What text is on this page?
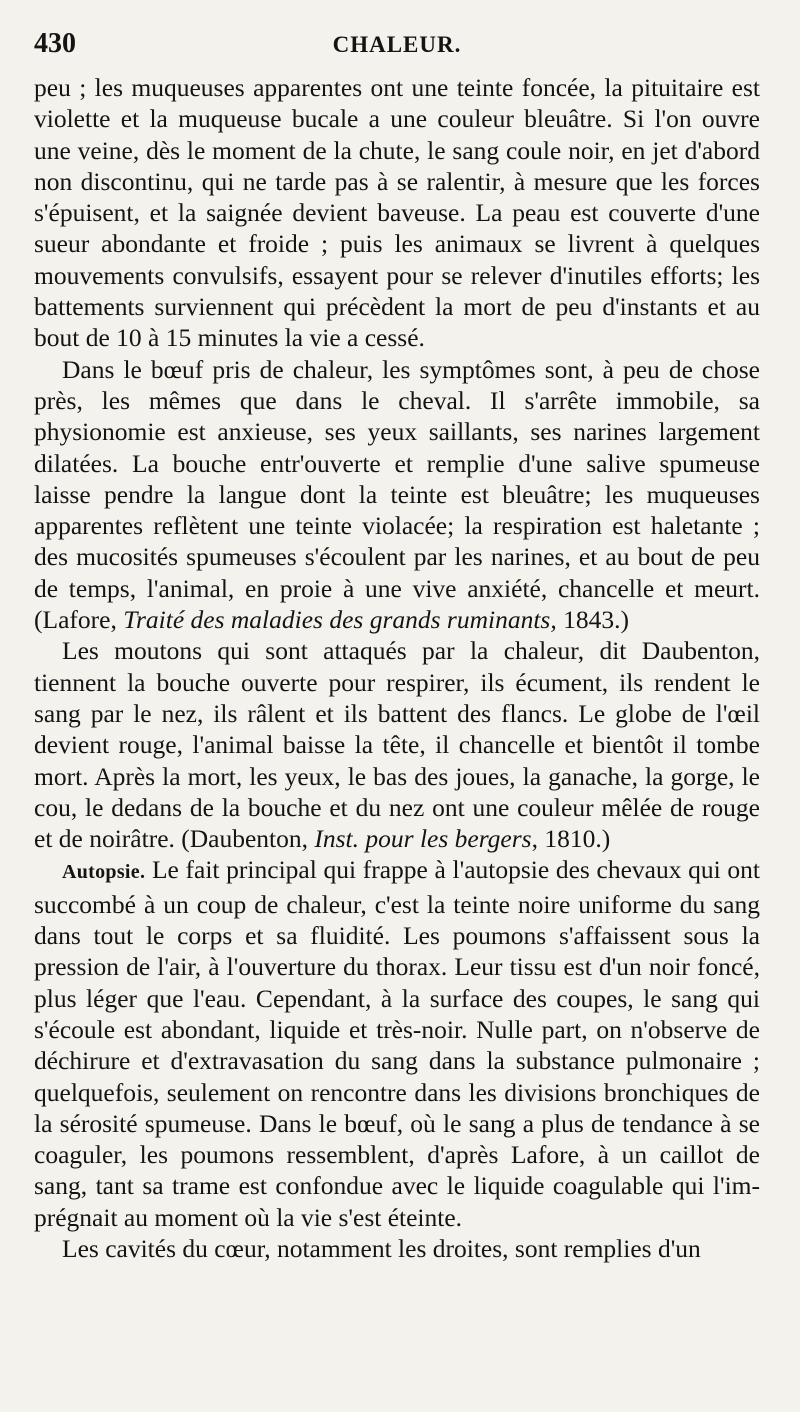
430	CHALEUR.

peu ; les muqueuses apparentes ont une teinte foncée, la pituitaire est violette et la muqueuse bucale a une couleur bleuâtre. Si l'on ouvre une veine, dès le moment de la chute, le sang coule noir, en jet d'abord non discontinu, qui ne tarde pas à se ralentir, à mesure que les forces s'épuisent, et la saignée devient baveuse. La peau est couverte d'une sueur abondante et froide ; puis les animaux se livrent à quelques mouvements convulsifs, essayent pour se relever d'inutiles efforts; les battements surviennent qui précèdent la mort de peu d'instants et au bout de 10 à 15 minutes la vie a cessé.

Dans le bœuf pris de chaleur, les symptômes sont, à peu de chose près, les mêmes que dans le cheval. Il s'arrête immobile, sa physionomie est anxieuse, ses yeux saillants, ses narines largement dilatées. La bouche entr'ouverte et remplie d'une salive spumeuse laisse pendre la langue dont la teinte est bleuâtre; les muqueuses apparentes reflètent une teinte violacée; la respiration est haletante ; des mucosités spumeuses s'écoulent par les narines, et au bout de peu de temps, l'animal, en proie à une vive anxiété, chancelle et meurt. (Lafore, Traité des maladies des grands ruminants, 1843.)

Les moutons qui sont attaqués par la chaleur, dit Daubenton, tiennent la bouche ouverte pour respirer, ils écument, ils rendent le sang par le nez, ils râlent et ils battent des flancs. Le globe de l'œil devient rouge, l'animal baisse la tête, il chancelle et bientôt il tombe mort. Après la mort, les yeux, le bas des joues, la ganache, la gorge, le cou, le dedans de la bouche et du nez ont une couleur mêlée de rouge et de noirâtre. (Daubenton, Inst. pour les bergers, 1810.)

Autopsie. Le fait principal qui frappe à l'autopsie des chevaux qui ont succombé à un coup de chaleur, c'est la teinte noire uniforme du sang dans tout le corps et sa fluidité. Les poumons s'affaissent sous la pression de l'air, à l'ouverture du thorax. Leur tissu est d'un noir foncé, plus léger que l'eau. Cependant, à la surface des coupes, le sang qui s'écoule est abondant, liquide et très-noir. Nulle part, on n'observe de déchirure et d'extravasation du sang dans la substance pulmonaire ; quelquefois, seulement on rencontre dans les divisions bronchiques de la sérosité spumeuse. Dans le bœuf, où le sang a plus de tendance à se coaguler, les poumons ressemblent, d'après Lafore, à un caillot de sang, tant sa trame est confondue avec le liquide coagulable qui l'imprégnait au moment où la vie s'est éteinte.

Les cavités du cœur, notamment les droites, sont remplies d'un
